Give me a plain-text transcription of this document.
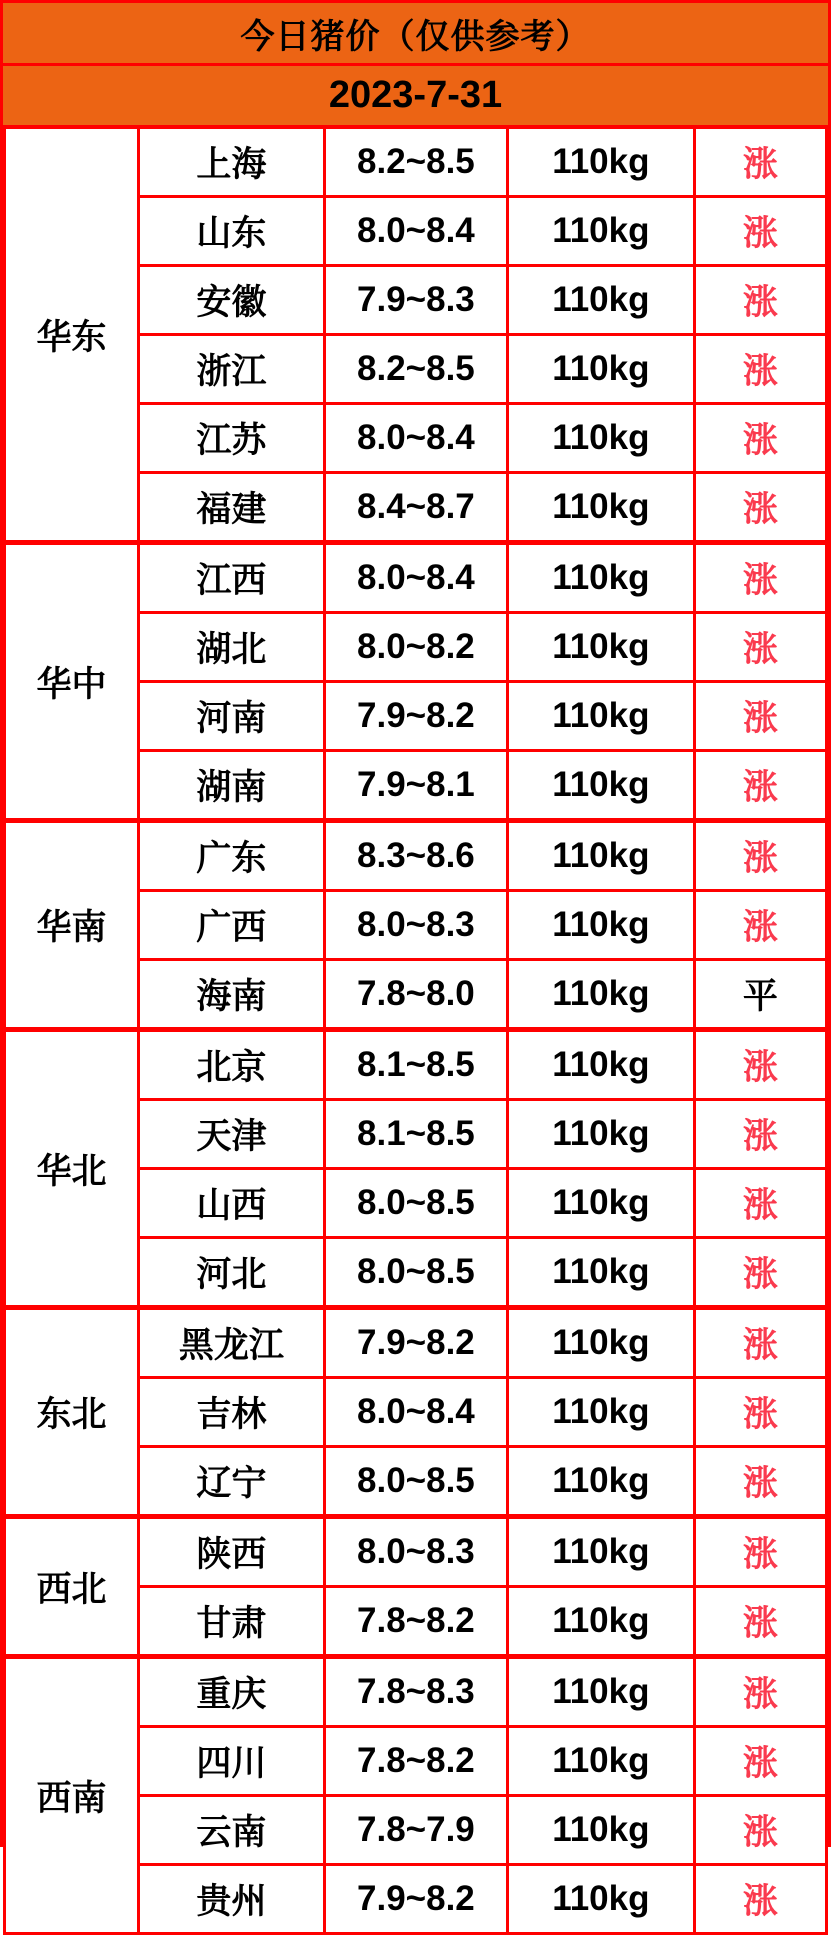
今日猪价（仅供参考）
2023-7-31
华东	上海	8.2~8.5	110kg	涨
	山东	8.0~8.4	110kg	涨
	安徽	7.9~8.3	110kg	涨
	浙江	8.2~8.5	110kg	涨
	江苏	8.0~8.4	110kg	涨
	福建	8.4~8.7	110kg	涨
华中	江西	8.0~8.4	110kg	涨
	湖北	8.0~8.2	110kg	涨
	河南	7.9~8.2	110kg	涨
	湖南	7.9~8.1	110kg	涨
华南	广东	8.3~8.6	110kg	涨
	广西	8.0~8.3	110kg	涨
	海南	7.8~8.0	110kg	平
华北	北京	8.1~8.5	110kg	涨
	天津	8.1~8.5	110kg	涨
	山西	8.0~8.5	110kg	涨
	河北	8.0~8.5	110kg	涨
东北	黑龙江	7.9~8.2	110kg	涨
	吉林	8.0~8.4	110kg	涨
	辽宁	8.0~8.5	110kg	涨
西北	陕西	8.0~8.3	110kg	涨
	甘肃	7.8~8.2	110kg	涨
西南	重庆	7.8~8.3	110kg	涨
	四川	7.8~8.2	110kg	涨
	云南	7.8~7.9	110kg	涨
	贵州	7.9~8.2	110kg	涨
